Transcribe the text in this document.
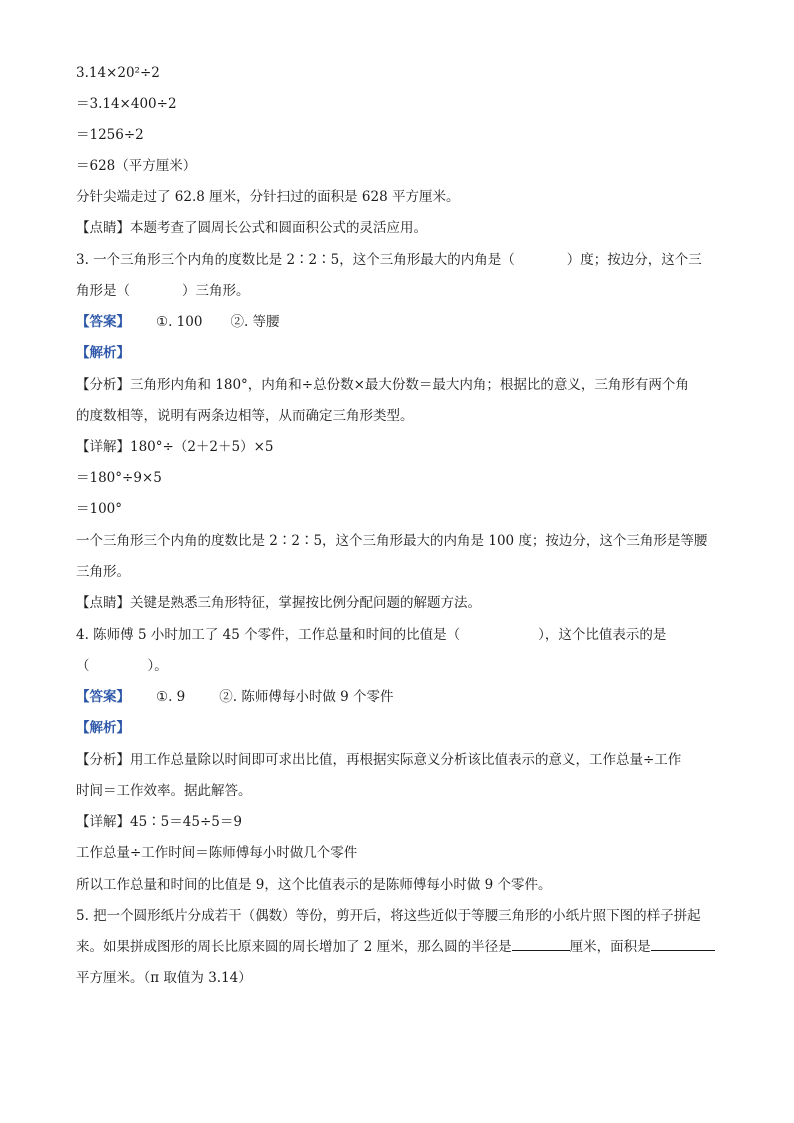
3.14×20²÷2
＝3.14×400÷2
＝1256÷2
＝628（平方厘米）
分针尖端走过了 62.8 厘米，分针扫过的面积是 628 平方厘米。
【点睛】本题考查了圆周长公式和圆面积公式的灵活应用。
3. 一个三角形三个内角的度数比是 2∶2∶5，这个三角形最大的内角是（	）度；按边分，这个三
角形是（	）三角形。
【答案】 ①. 100 ②. 等腰
【解析】
【分析】三角形内角和 180°，内角和÷总份数×最大份数＝最大内角；根据比的意义，三角形有两个角
的度数相等，说明有两条边相等，从而确定三角形类型。
【详解】180°÷（2＋2＋5）×5
＝180°÷9×5
＝100°
一个三角形三个内角的度数比是 2∶2∶5，这个三角形最大的内角是 100 度；按边分，这个三角形是等腰
三角形。
【点睛】关键是熟悉三角形特征，掌握按比例分配问题的解题方法。
4. 陈师傅 5 小时加工了 45 个零件，工作总量和时间的比值是（	），这个比值表示的是
（	）。
【答案】 ①. 9	②. 陈师傅每小时做 9 个零件
【解析】
【分析】用工作总量除以时间即可求出比值，再根据实际意义分析该比值表示的意义，工作总量÷工作
时间＝工作效率。据此解答。
【详解】45∶5＝45÷5＝9
工作总量÷工作时间＝陈师傅每小时做几个零件
所以工作总量和时间的比值是 9，这个比值表示的是陈师傅每小时做 9 个零件。
5. 把一个圆形纸片分成若干（偶数）等份，剪开后，将这些近似于等腰三角形的小纸片照下图的样子拼起
来。如果拼成图形的周长比原来圆的周长增加了 2 厘米，那么圆的半径是	厘米，面积是
平方厘米。（π 取值为 3.14）
